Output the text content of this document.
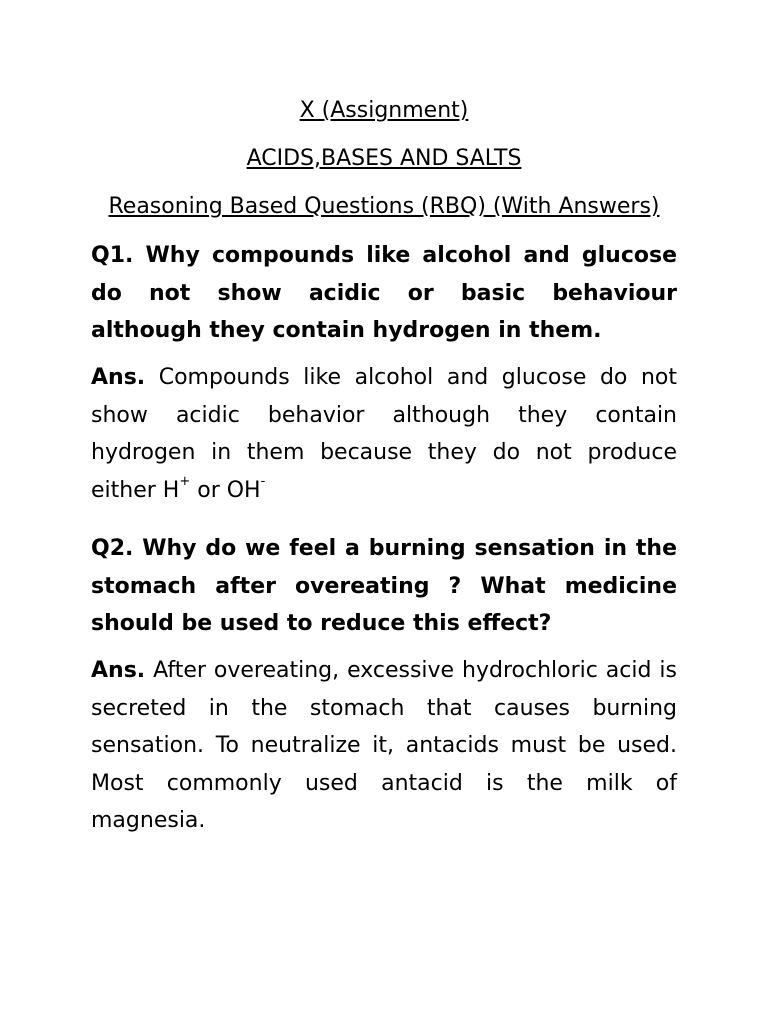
X (Assignment)
ACIDS,BASES AND SALTS
Reasoning Based Questions (RBQ) (With Answers)

Q1. Why compounds like alcohol and glucose do not show acidic or basic behaviour although they contain hydrogen in them.

Ans. Compounds like alcohol and glucose do not show acidic behavior although they contain hydrogen in them because they do not produce either H+ or OH-

Q2. Why do we feel a burning sensation in the stomach after overeating ? What medicine should be used to reduce this effect?

Ans. After overeating, excessive hydrochloric acid is secreted in the stomach that causes burning sensation. To neutralize it, antacids must be used. Most commonly used antacid is the milk of magnesia.
